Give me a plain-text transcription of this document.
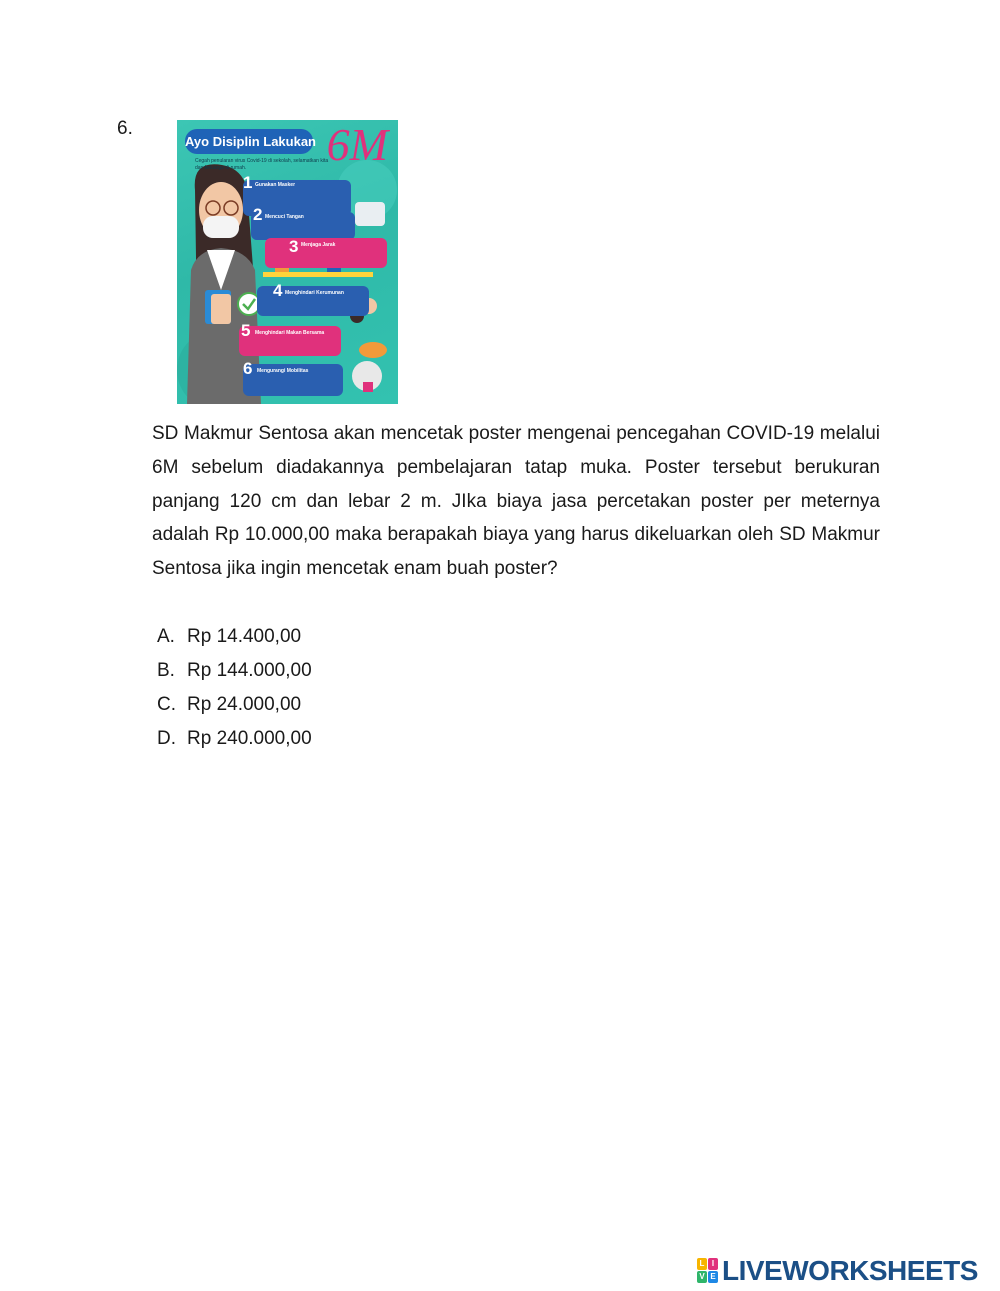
6.
Ayo Disiplin Lakukan 6M
Cegah penularan virus Covid-19 di sekolah, selamatkan kita dan keluarga di rumah.
1 Gunakan Masker
2 Mencuci Tangan
3 Menjaga Jarak
4 Menghindari Kerumunan
5 Menghindari Makan Bersama
6 Mengurangi Mobilitas

SD Makmur Sentosa akan mencetak poster mengenai pencegahan COVID-19 melalui 6M sebelum diadakannya pembelajaran tatap muka. Poster tersebut berukuran panjang 120 cm dan lebar 2 m. JIka biaya jasa percetakan poster per meternya adalah Rp 10.000,00 maka berapakah biaya yang harus dikeluarkan oleh SD Makmur Sentosa jika ingin mencetak enam buah poster?

A. Rp 14.400,00
B. Rp 144.000,00
C. Rp 24.000,00
D. Rp 240.000,00
L I
V E LIVEWORKSHEETS
